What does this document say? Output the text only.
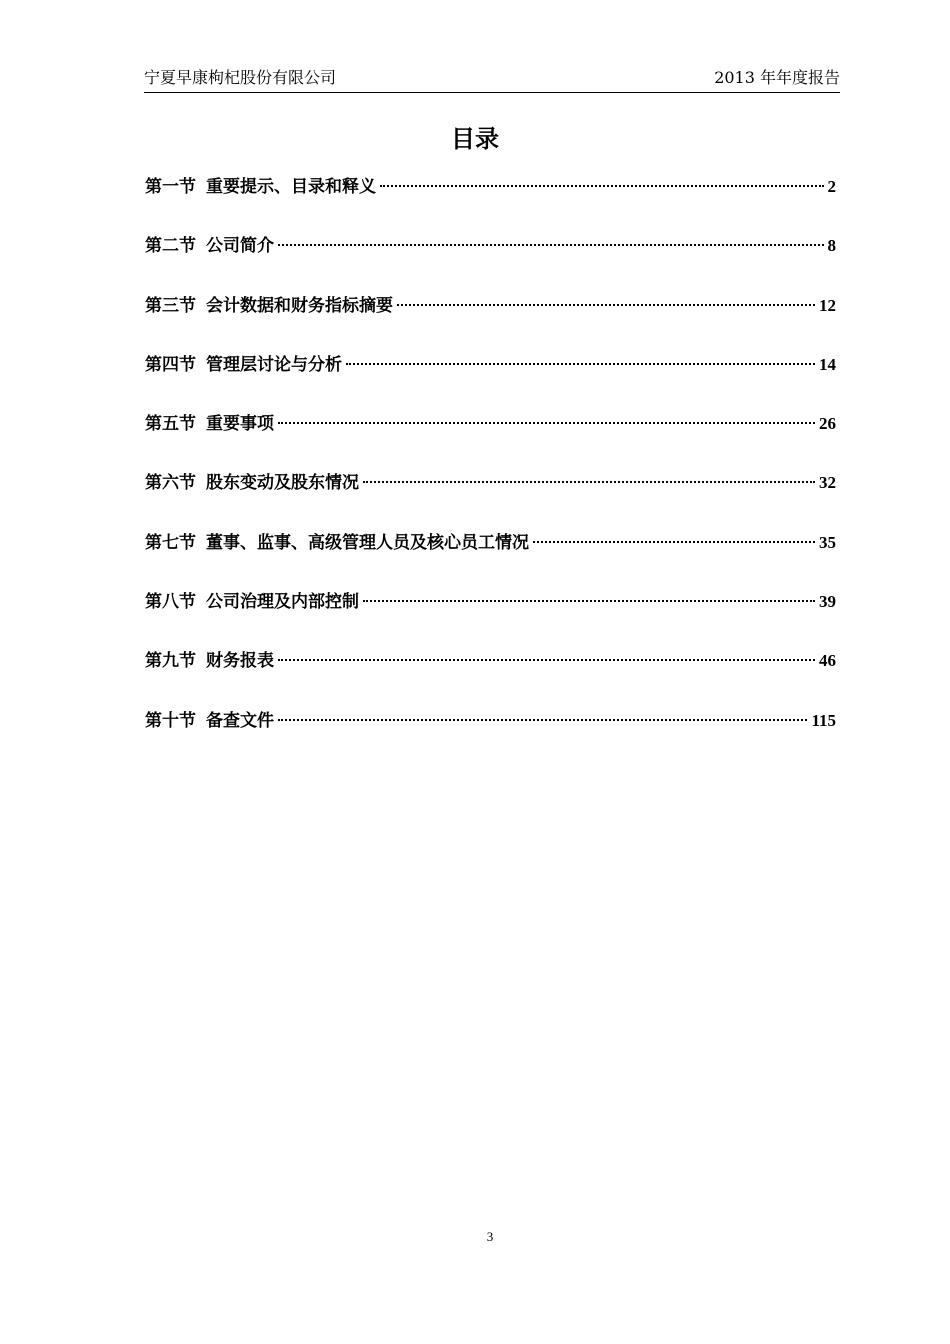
宁夏早康枸杞股份有限公司	2013 年年度报告
目录
第一节 重要提示、目录和释义	2
第二节 公司简介	8
第三节 会计数据和财务指标摘要	12
第四节 管理层讨论与分析	14
第五节 重要事项	26
第六节 股东变动及股东情况	32
第七节 董事、监事、高级管理人员及核心员工情况	35
第八节 公司治理及内部控制	39
第九节 财务报表	46
第十节 备查文件	115
3
